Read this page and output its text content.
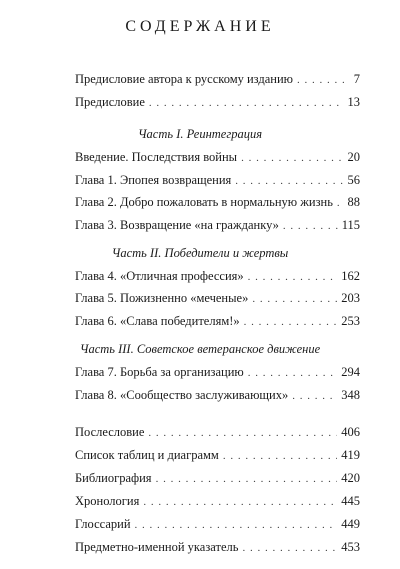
СОДЕРЖАНИЕ
Предисловие автора к русскому изданию . . .	7
Предисловие . . .	13
Часть I. Реинтеграция
Введение. Последствия войны . . .	20
Глава 1. Эпопея возвращения . . .	56
Глава 2. Добро пожаловать в нормальную жизнь . . . 88
Глава 3. Возвращение «на гражданку» . . .	115
Часть II. Победители и жертвы
Глава 4. «Отличная профессия» . . .	162
Глава 5. Пожизненно «меченые» . . .	203
Глава 6. «Слава победителям!» . . .	253
Часть III. Советское ветеранское движение
Глава 7. Борьба за организацию . . .	294
Глава 8. «Сообщество заслуживающих» . . .	348
Послесловие . . .	406
Список таблиц и диаграмм . . .	419
Библиография . . .	420
Хронология . . .	445
Глоссарий . . .	449
Предметно-именной указатель . . .	453
